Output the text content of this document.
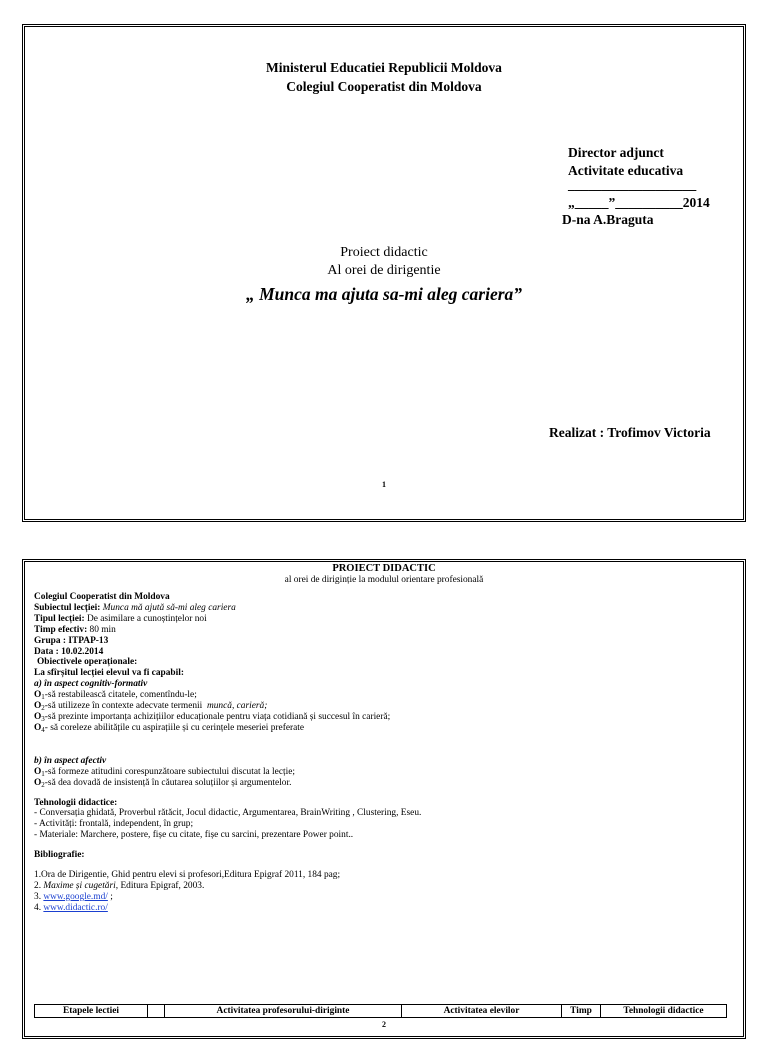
Ministerul Educatiei Republicii Moldova
Colegiul Cooperatist din Moldova
Director adjunct
Activitate educativa
___________________
„_____”__________2014
D-na A.Braguta
Proiect didactic
Al orei de dirigentie
„ Munca ma ajuta sa-mi aleg cariera”
Realizat : Trofimov Victoria
1
PROIECT DIDACTIC
al orei de diriginție la modulul orientare profesională
Colegiul Cooperatist din Moldova
Subiectul lecției: Munca mă ajută să-mi aleg cariera
Tipul lecției: De asimilare a cunoștințelor noi
Timp efectiv: 80 min
Grupa : ITPAP-13
Data : 10.02.2014
Obiectivele operaționale:
La sfîrșitul lecției elevul va fi capabil:
a) în aspect cognitiv-formativ
$O_1-să$ restabilească citatele, comentîndu-le;
$O_2-să$ utilizeze în contexte adecvate termenii muncă, carieră;
$O_3-să$ prezinte importanța achizițiilor educaționale pentru viața cotidiană și succesul în carieră;
$O_4-$ să coreleze abilitățile cu aspirațiile și cu cerințele meseriei preferate
b) în aspect afectiv
$O_1-să$ formeze atitudini corespunzătoare subiectului discutat la lecție;
$O_2-să$ dea dovadă de insistență în căutarea soluțiilor și argumentelor.
Tehnologii didactice:
- Conversația ghidată, Proverbul rătăcit, Jocul didactic, Argumentarea, BrainWriting , Clustering, Eseu.
- Activități: frontală, independent, în grup;
- Materiale: Marchere, postere, fișe cu citate, fișe cu sarcini, prezentare Power point..
Bibliografie:
1.Ora de Dirigentie, Ghid pentru elevi si profesori,Editura Epigraf 2011, 184 pag;
2. Maxime și cugetări, Editura Epigraf, 2003.
3. www.google.md/ ;
4. www.didactic.ro/
Etapele lectiei		Activitatea profesorului-diriginte	Activitatea elevilor	Timp	Tehnologii didactice
2
